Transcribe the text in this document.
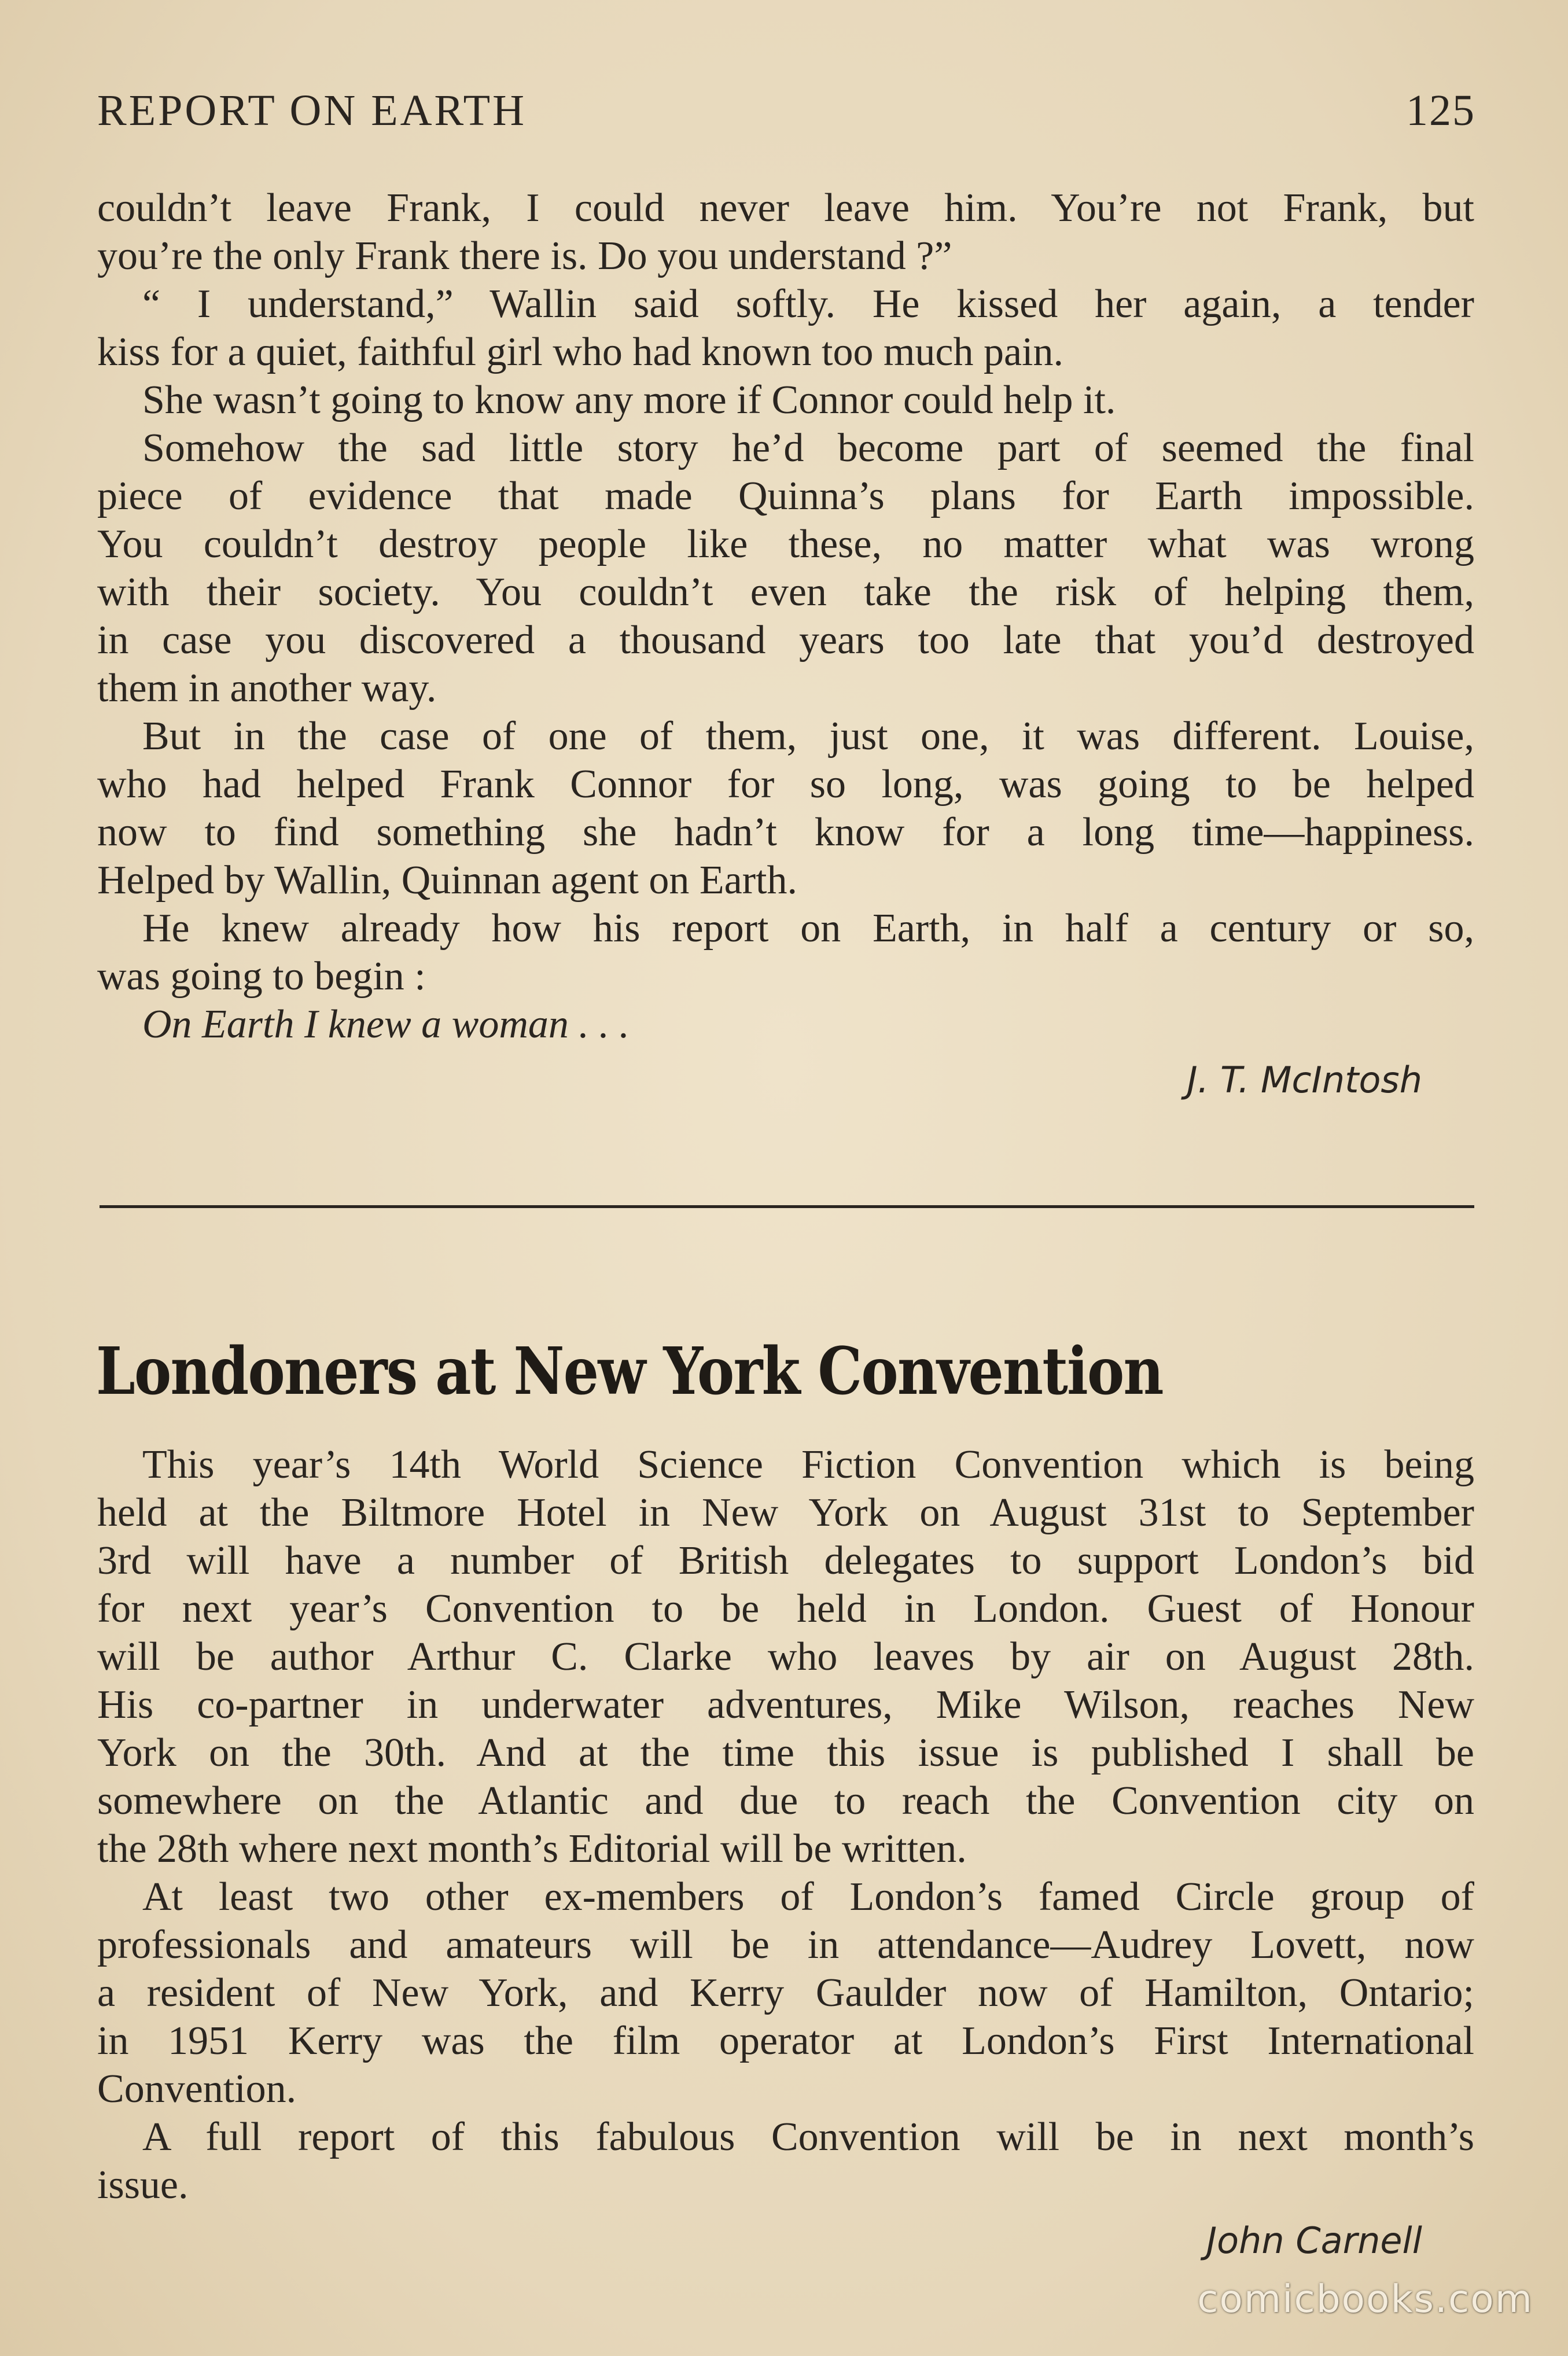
REPORT ON EARTH	125
couldn’t leave Frank, I could never leave him. You’re not Frank, but
you’re the only Frank there is. Do you understand ?”
“ I understand,” Wallin said softly. He kissed her again, a tender
kiss for a quiet, faithful girl who had known too much pain.
She wasn’t going to know any more if Connor could help it.
Somehow the sad little story he’d become part of seemed the final
piece of evidence that made Quinna’s plans for Earth impossible.
You couldn’t destroy people like these, no matter what was wrong
with their society. You couldn’t even take the risk of helping them,
in case you discovered a thousand years too late that you’d destroyed
them in another way.
But in the case of one of them, just one, it was different. Louise,
who had helped Frank Connor for so long, was going to be helped
now to find something she hadn’t know for a long time—happiness.
Helped by Wallin, Quinnan agent on Earth.
He knew already how his report on Earth, in half a century or so,
was going to begin :
On Earth I knew a woman . . .
J. T. McIntosh
Londoners at New York Convention
This year’s 14th World Science Fiction Convention which is being
held at the Biltmore Hotel in New York on August 31st to September
3rd will have a number of British delegates to support London’s bid
for next year’s Convention to be held in London. Guest of Honour
will be author Arthur C. Clarke who leaves by air on August 28th.
His co-partner in underwater adventures, Mike Wilson, reaches New
York on the 30th. And at the time this issue is published I shall be
somewhere on the Atlantic and due to reach the Convention city on
the 28th where next month’s Editorial will be written.
At least two other ex-members of London’s famed Circle group of
professionals and amateurs will be in attendance—Audrey Lovett, now
a resident of New York, and Kerry Gaulder now of Hamilton, Ontario;
in 1951 Kerry was the film operator at London’s First International
Convention.
A full report of this fabulous Convention will be in next month’s
issue.
John Carnell
comicbooks.com
